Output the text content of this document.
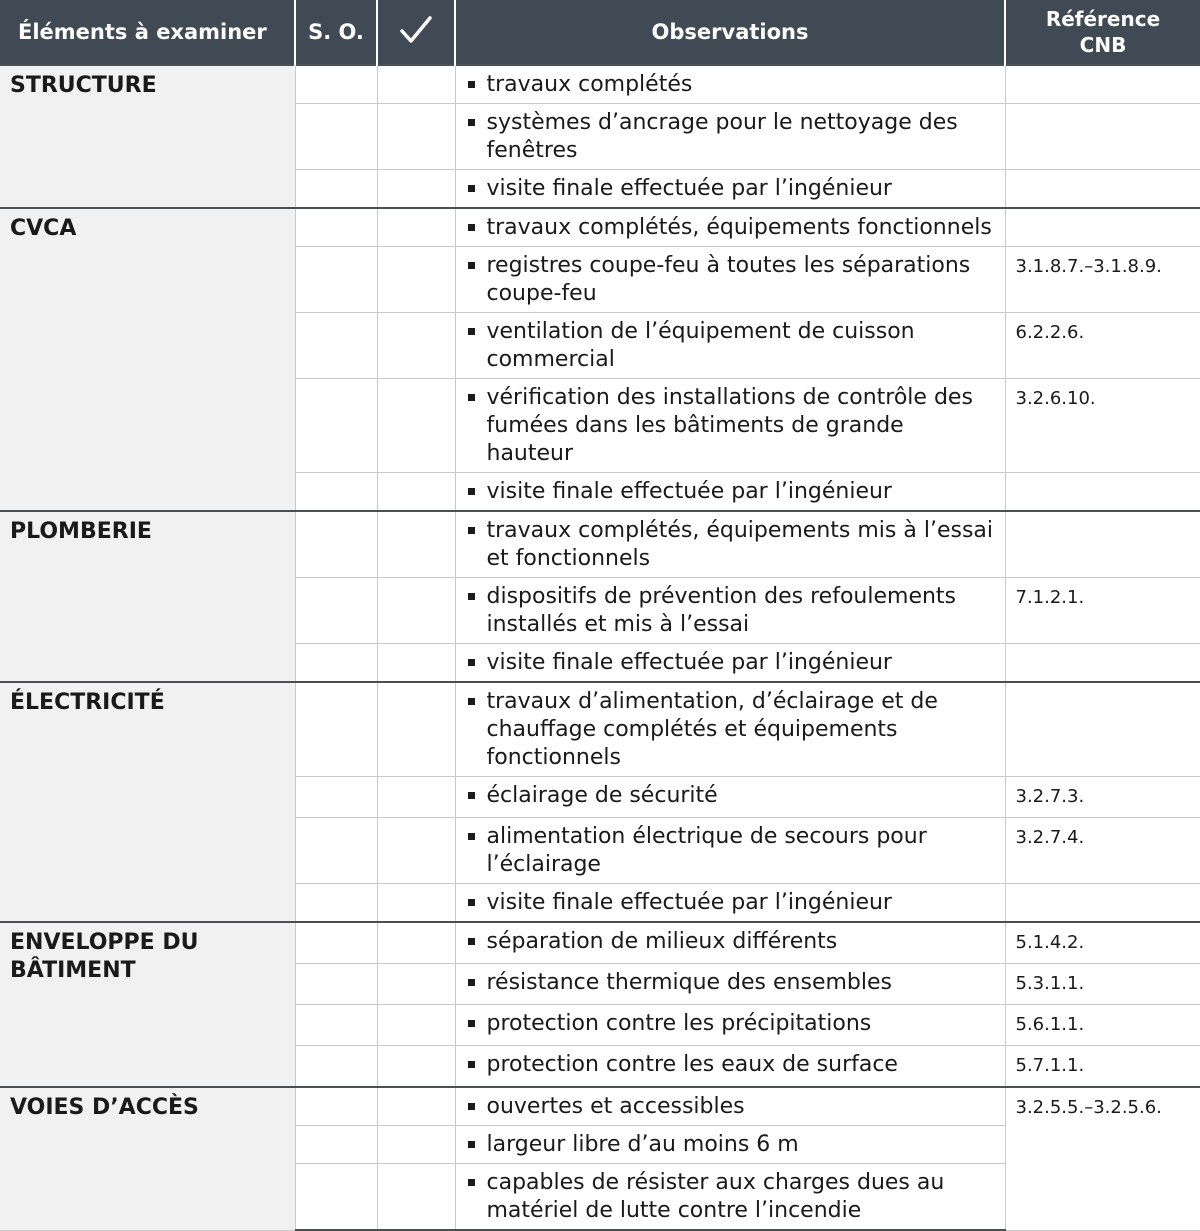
Éléments à examiner	S. O.		Observations	Référence
CNB

STRUCTURE			travaux complétés	

			systèmes d’ancrage pour le nettoyage des fenêtres	

			visite finale effectuée par l’ingénieur	

CVCA			travaux complétés, équipements fonctionnels	

			registres coupe-feu à toutes les séparations coupe-feu	3.1.8.7.–3.1.8.9.

			ventilation de l’équipement de cuisson commercial	6.2.2.6.

			vérification des installations de contrôle des fumées dans les bâtiments de grande hauteur	3.2.6.10.

			visite finale effectuée par l’ingénieur	

PLOMBERIE			travaux complétés, équipements mis à l’essai et fonctionnels	

			dispositifs de prévention des refoulements installés et mis à l’essai	7.1.2.1.

			visite finale effectuée par l’ingénieur	

ÉLECTRICITÉ			travaux d’alimentation, d’éclairage et de chauffage complétés et équipements fonctionnels	

			éclairage de sécurité	3.2.7.3.

			alimentation électrique de secours pour l’éclairage	3.2.7.4.

			visite finale effectuée par l’ingénieur	

ENVELOPPE DU BÂTIMENT			séparation de milieux différents	5.1.4.2.

			résistance thermique des ensembles	5.3.1.1.

			protection contre les précipitations	5.6.1.1.

			protection contre les eaux de surface	5.7.1.1.
VOIES D’ACCÈS			ouvertes et accessibles	3.2.5.5.–3.2.5.6.

			largeur libre d’au moins 6 m	

			capables de résister aux charges dues au matériel de lutte contre l’incendie	
